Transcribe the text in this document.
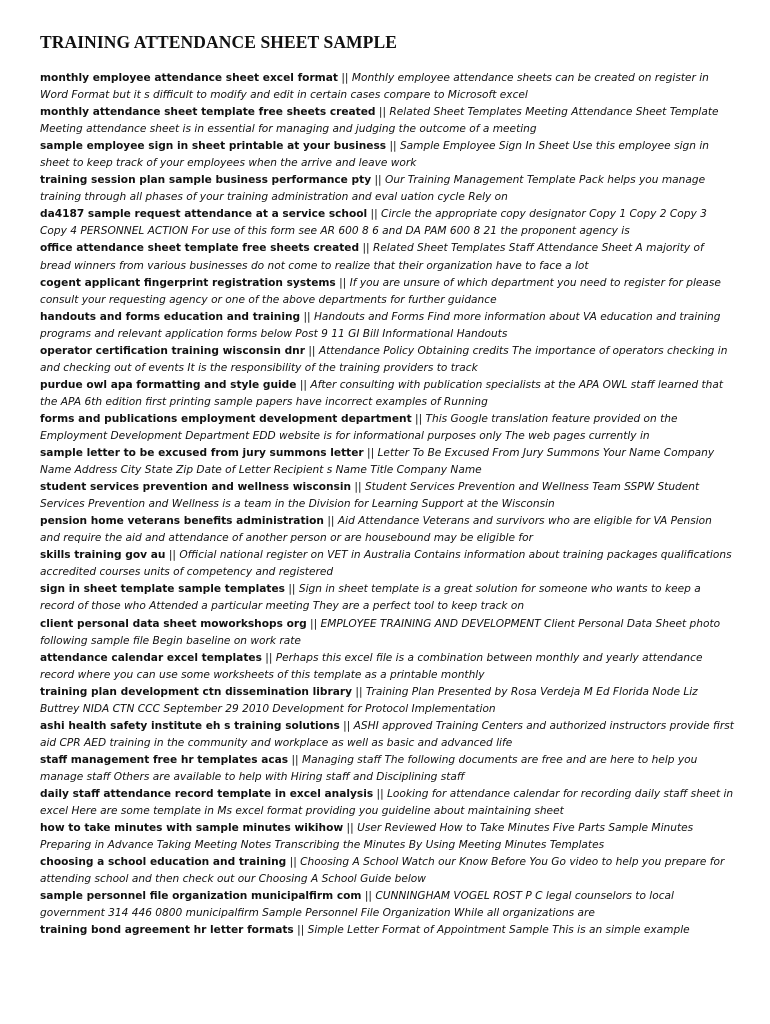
TRAINING ATTENDANCE SHEET SAMPLE
monthly employee attendance sheet excel format || Monthly employee attendance sheets can be created on register in Word Format but it s difficult to modify and edit in certain cases compare to Microsoft excel
monthly attendance sheet template free sheets created || Related Sheet Templates Meeting Attendance Sheet Template Meeting attendance sheet is in essential for managing and judging the outcome of a meeting
sample employee sign in sheet printable at your business || Sample Employee Sign In Sheet Use this employee sign in sheet to keep track of your employees when the arrive and leave work
training session plan sample business performance pty || Our Training Management Template Pack helps you manage training through all phases of your training administration and eval uation cycle Rely on
da4187 sample request attendance at a service school || Circle the appropriate copy designator Copy 1 Copy 2 Copy 3 Copy 4 PERSONNEL ACTION For use of this form see AR 600 8 6 and DA PAM 600 8 21 the proponent agency is
office attendance sheet template free sheets created || Related Sheet Templates Staff Attendance Sheet A majority of bread winners from various businesses do not come to realize that their organization have to face a lot
cogent applicant fingerprint registration systems || If you are unsure of which department you need to register for please consult your requesting agency or one of the above departments for further guidance
handouts and forms education and training || Handouts and Forms Find more information about VA education and training programs and relevant application forms below Post 9 11 GI Bill Informational Handouts
operator certification training wisconsin dnr || Attendance Policy Obtaining credits The importance of operators checking in and checking out of events It is the responsibility of the training providers to track
purdue owl apa formatting and style guide || After consulting with publication specialists at the APA OWL staff learned that the APA 6th edition first printing sample papers have incorrect examples of Running
forms and publications employment development department || This Google translation feature provided on the Employment Development Department EDD website is for informational purposes only The web pages currently in
sample letter to be excused from jury summons letter || Letter To Be Excused From Jury Summons Your Name Company Name Address City State Zip Date of Letter Recipient s Name Title Company Name
student services prevention and wellness wisconsin || Student Services Prevention and Wellness Team SSPW Student Services Prevention and Wellness is a team in the Division for Learning Support at the Wisconsin
pension home veterans benefits administration || Aid Attendance Veterans and survivors who are eligible for VA Pension and require the aid and attendance of another person or are housebound may be eligible for
skills training gov au || Official national register on VET in Australia Contains information about training packages qualifications accredited courses units of competency and registered
sign in sheet template sample templates || Sign in sheet template is a great solution for someone who wants to keep a record of those who Attended a particular meeting They are a perfect tool to keep track on
client personal data sheet moworkshops org || EMPLOYEE TRAINING AND DEVELOPMENT Client Personal Data Sheet photo following sample file Begin baseline on work rate
attendance calendar excel templates || Perhaps this excel file is a combination between monthly and yearly attendance record where you can use some worksheets of this template as a printable monthly
training plan development ctn dissemination library || Training Plan Presented by Rosa Verdeja M Ed Florida Node Liz Buttrey NIDA CTN CCC September 29 2010 Development for Protocol Implementation
ashi health safety institute eh s training solutions || ASHI approved Training Centers and authorized instructors provide first aid CPR AED training in the community and workplace as well as basic and advanced life
staff management free hr templates acas || Managing staff The following documents are free and are here to help you manage staff Others are available to help with Hiring staff and Disciplining staff
daily staff attendance record template in excel analysis || Looking for attendance calendar for recording daily staff sheet in excel Here are some template in Ms excel format providing you guideline about maintaining sheet
how to take minutes with sample minutes wikihow || User Reviewed How to Take Minutes Five Parts Sample Minutes Preparing in Advance Taking Meeting Notes Transcribing the Minutes By Using Meeting Minutes Templates
choosing a school education and training || Choosing A School Watch our Know Before You Go video to help you prepare for attending school and then check out our Choosing A School Guide below
sample personnel file organization municipalfirm com || CUNNINGHAM VOGEL ROST P C legal counselors to local government 314 446 0800 municipalfirm Sample Personnel File Organization While all organizations are
training bond agreement hr letter formats || Simple Letter Format of Appointment Sample This is an simple example
